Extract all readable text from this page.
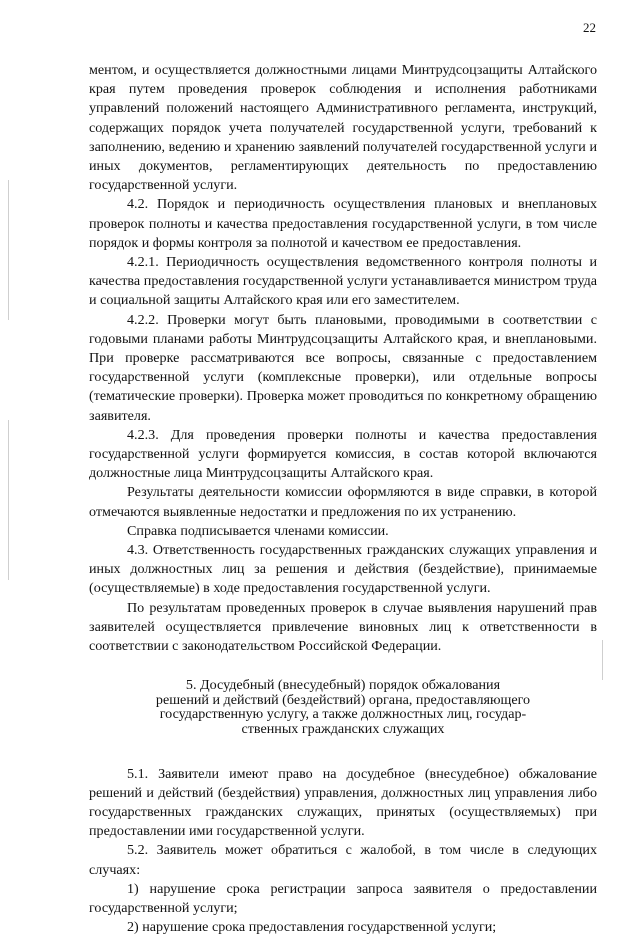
22

ментом, и осуществляется должностными лицами Минтрудсоцзащиты Алтайского края путем проведения проверок соблюдения и исполнения работниками управлений положений настоящего Административного регламента, инструкций, содержащих порядок учета получателей государственной услуги, требований к заполнению, ведению и хранению заявлений получателей государственной услуги и иных документов, регламентирующих деятельность по предоставлению государственной услуги.

4.2. Порядок и периодичность осуществления плановых и внеплановых проверок полноты и качества предоставления государственной услуги, в том числе порядок и формы контроля за полнотой и качеством ее предоставления.

4.2.1. Периодичность осуществления ведомственного контроля полноты и качества предоставления государственной услуги устанавливается министром труда и социальной защиты Алтайского края или его заместителем.

4.2.2. Проверки могут быть плановыми, проводимыми в соответствии с годовыми планами работы Минтрудсоцзащиты Алтайского края, и внеплановыми. При проверке рассматриваются все вопросы, связанные с предоставлением государственной услуги (комплексные проверки), или отдельные вопросы (тематические проверки). Проверка может проводиться по конкретному обращению заявителя.

4.2.3. Для проведения проверки полноты и качества предоставления государственной услуги формируется комиссия, в состав которой включаются должностные лица Минтрудсоцзащиты Алтайского края.

Результаты деятельности комиссии оформляются в виде справки, в которой отмечаются выявленные недостатки и предложения по их устранению.

Справка подписывается членами комиссии.

4.3. Ответственность государственных гражданских служащих управления и иных должностных лиц за решения и действия (бездействие), принимаемые (осуществляемые) в ходе предоставления государственной услуги.

По результатам проведенных проверок в случае выявления нарушений прав заявителей осуществляется привлечение виновных лиц к ответственности в соответствии с законодательством Российской Федерации.

5. Досудебный (внесудебный) порядок обжалования
решений и действий (бездействий) органа, предоставляющего
государственную услугу, а также должностных лиц, государ-
ственных гражданских служащих

5.1. Заявители имеют право на досудебное (внесудебное) обжалование решений и действий (бездействия) управления, должностных лиц управления либо государственных гражданских служащих, принятых (осуществляемых) при предоставлении ими государственной услуги.

5.2. Заявитель может обратиться с жалобой, в том числе в следующих случаях:

1) нарушение срока регистрации запроса заявителя о предоставлении государственной услуги;

2) нарушение срока предоставления государственной услуги;
